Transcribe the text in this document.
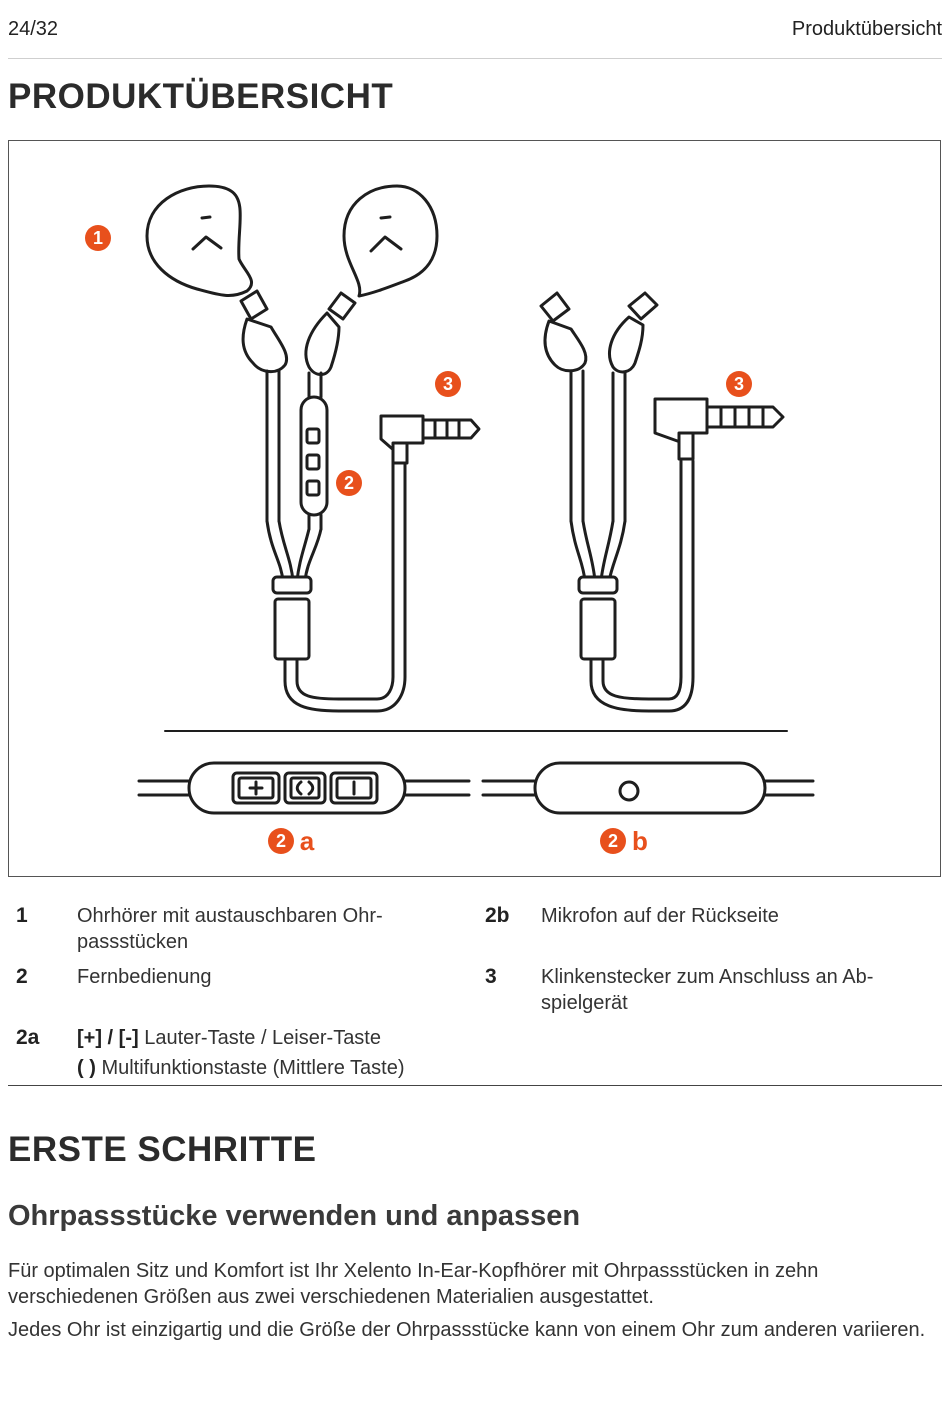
24/32	Produktübersicht
PRODUKTÜBERSICHT
1
3
2
3
2 a	2 b
1 Ohrhörer mit austauschbaren Ohr-passstücken
2 Fernbedienung
2a [+] / [-] Lauter-Taste / Leiser-Taste
( ) Multifunktionstaste (Mittlere Taste)
2b Mikrofon auf der Rückseite
3 Klinkenstecker zum Anschluss an Ab-spielgerät
ERSTE SCHRITTE
Ohrpassstücke verwenden und anpassen

Für optimalen Sitz und Komfort ist Ihr Xelento In-Ear-Kopfhörer mit Ohrpassstücken in zehn verschiedenen Größen aus zwei verschiedenen Materialien ausgestattet.

Jedes Ohr ist einzigartig und die Größe der Ohrpassstücke kann von einem Ohr zum anderen variieren.
